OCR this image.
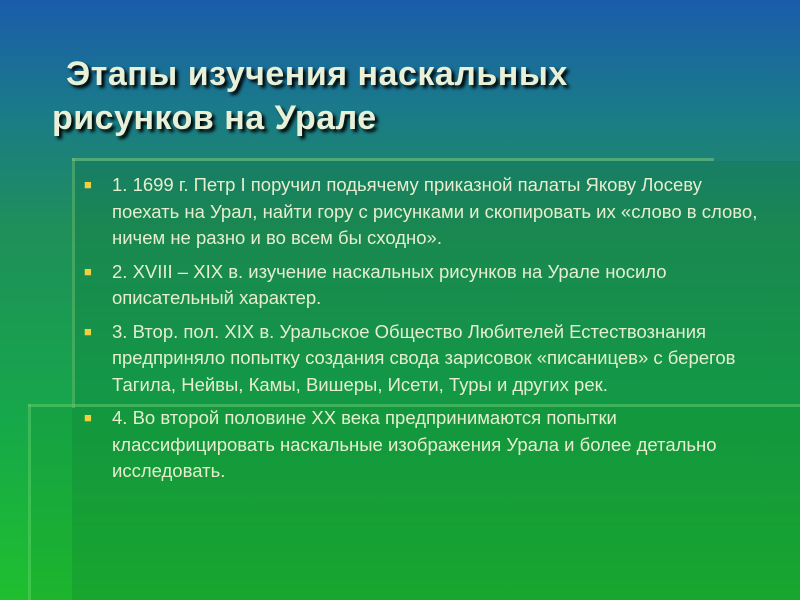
Этапы изучения наскальных
рисунков на Урале
■ 1. 1699 г. Петр I поручил подьячему приказной палаты Якову Лосеву поехать на Урал, найти гору с рисунками и скопировать их «слово в слово, ничем не разно и во всем бы сходно».
■ 2. XVIII – XIX в. изучение наскальных рисунков на Урале носило описательный характер.
■ 3. Втор. пол. XIX в. Уральское Общество Любителей Естествознания предприняло попытку создания свода зарисовок «писаницев» с берегов Тагила, Нейвы, Камы, Вишеры, Исети, Туры и других рек.
■ 4. Во второй половине XX века предпринимаются попытки классифицировать наскальные изображения Урала и более детально исследовать.
